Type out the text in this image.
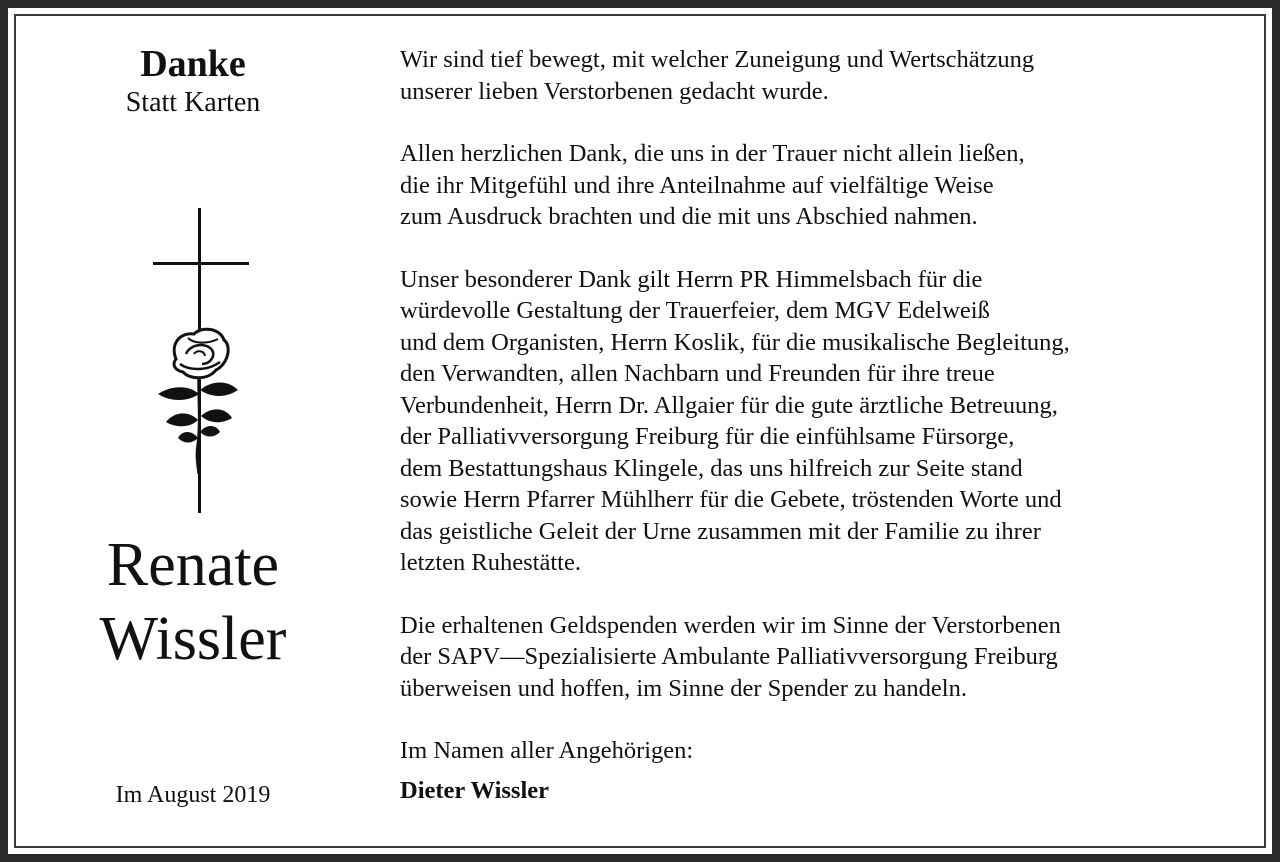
Danke
Statt Karten
Renate
Wissler
Im August 2019
Wir sind tief bewegt, mit welcher Zuneigung und Wertschätzung
unserer lieben Verstorbenen gedacht wurde.
Allen herzlichen Dank, die uns in der Trauer nicht allein ließen,
die ihr Mitgefühl und ihre Anteilnahme auf vielfältige Weise
zum Ausdruck brachten und die mit uns Abschied nahmen.
Unser besonderer Dank gilt Herrn PR Himmelsbach für die
würdevolle Gestaltung der Trauerfeier, dem MGV Edelweiß
und dem Organisten, Herrn Koslik, für die musikalische Begleitung,
den Verwandten, allen Nachbarn und Freunden für ihre treue
Verbundenheit, Herrn Dr. Allgaier für die gute ärztliche Betreuung,
der Palliativversorgung Freiburg für die einfühlsame Fürsorge,
dem Bestattungshaus Klingele, das uns hilfreich zur Seite stand
sowie Herrn Pfarrer Mühlherr für die Gebete, tröstenden Worte und
das geistliche Geleit der Urne zusammen mit der Familie zu ihrer
letzten Ruhestätte.
Die erhaltenen Geldspenden werden wir im Sinne der Verstorbenen
der SAPV—Spezialisierte Ambulante Palliativversorgung Freiburg
überweisen und hoffen, im Sinne der Spender zu handeln.
Im Namen aller Angehörigen:
Dieter Wissler
